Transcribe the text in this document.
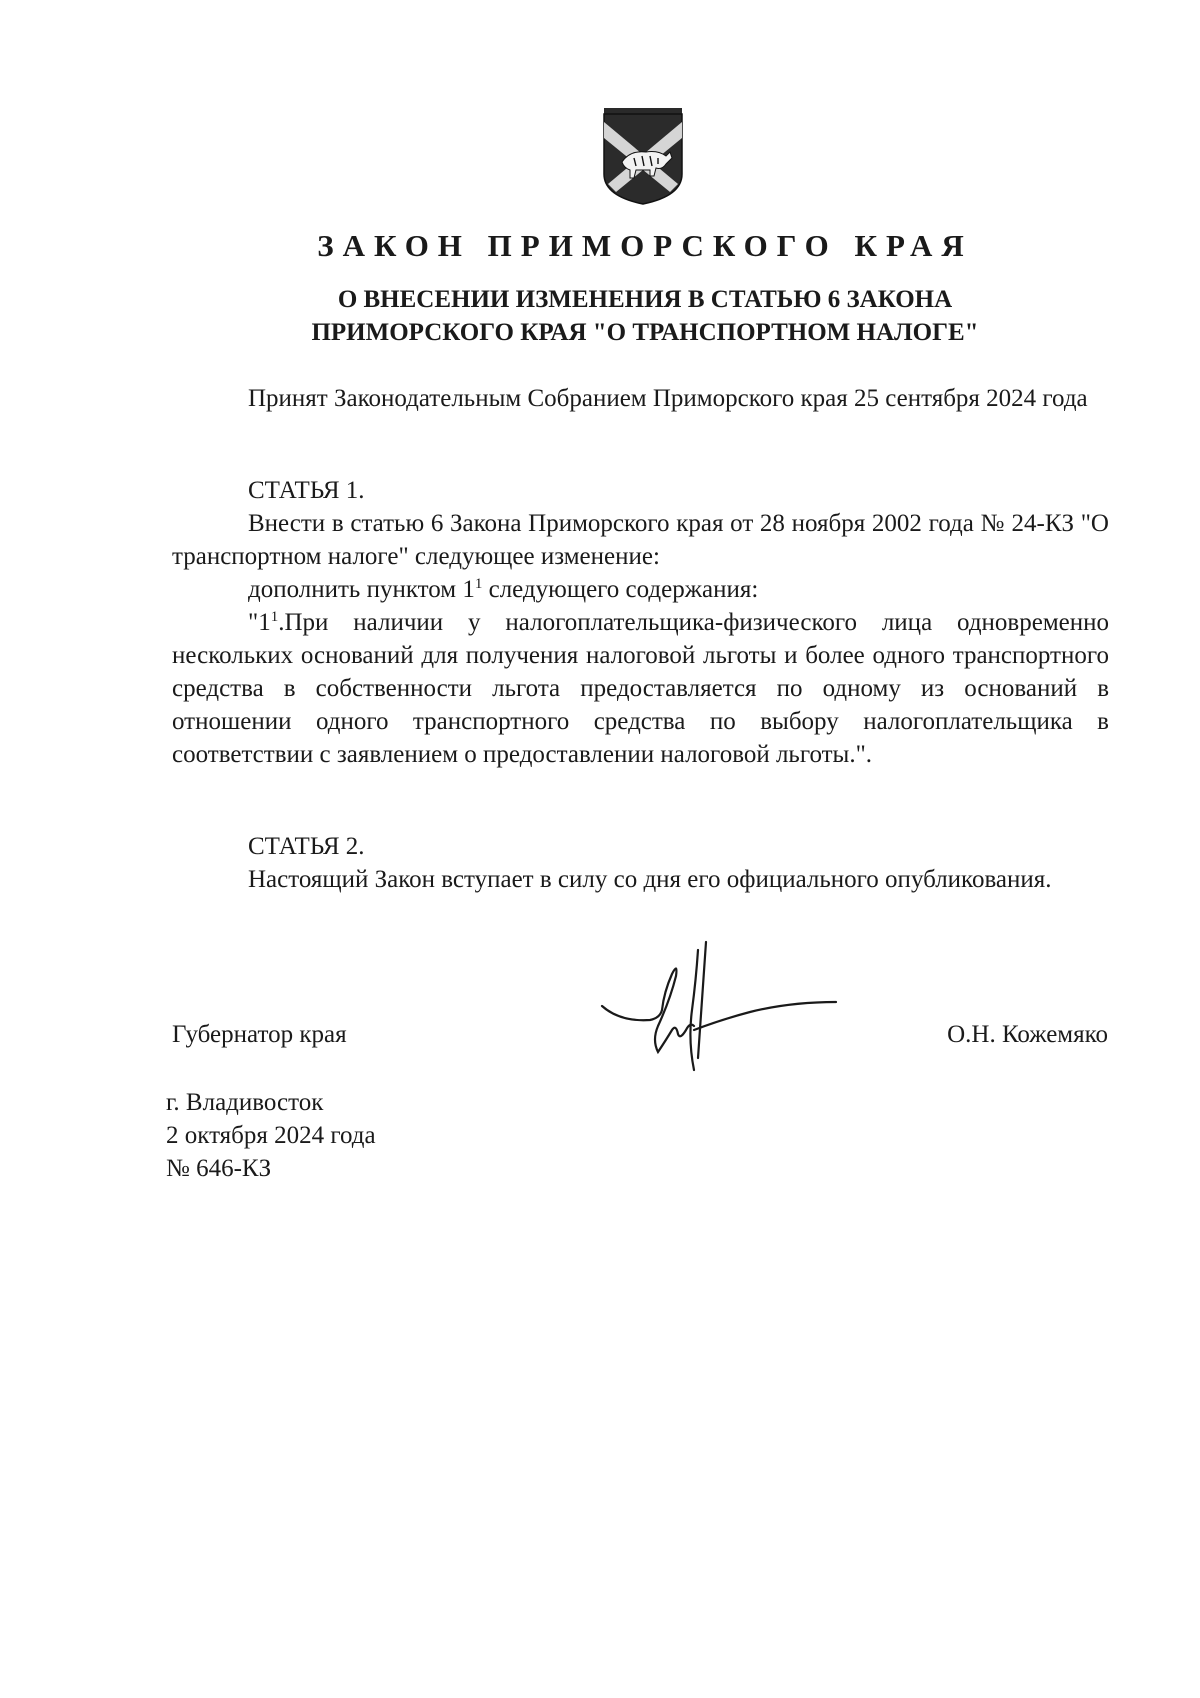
ЗАКОН ПРИМОРСКОГО КРАЯ
О ВНЕСЕНИИ ИЗМЕНЕНИЯ В СТАТЬЮ 6 ЗАКОНА
ПРИМОРСКОГО КРАЯ "О ТРАНСПОРТНОМ НАЛОГЕ"

Принят Законодательным Собранием Приморского края 25 сентября 2024 года

СТАТЬЯ 1.

Внести в статью 6 Закона Приморского края от 28 ноября 2002 года № 24-КЗ "О транспортном налоге" следующее изменение:

дополнить пунктом $1^1$ следующего содержания:

"$1^1.При$ наличии у налогоплательщика-физического лица одновременно нескольких оснований для получения налоговой льготы и более одного транспортного средства в собственности льгота предоставляется по одному из оснований в отношении одного транспортного средства по выбору налогоплательщика в соответствии с заявлением о предоставлении налоговой льготы.".

СТАТЬЯ 2.

Настоящий Закон вступает в силу со дня его официального опубликования.

Губернатор края	О.Н. Кожемяко
г. Владивосток
2 октября 2024 года
№ 646-КЗ
